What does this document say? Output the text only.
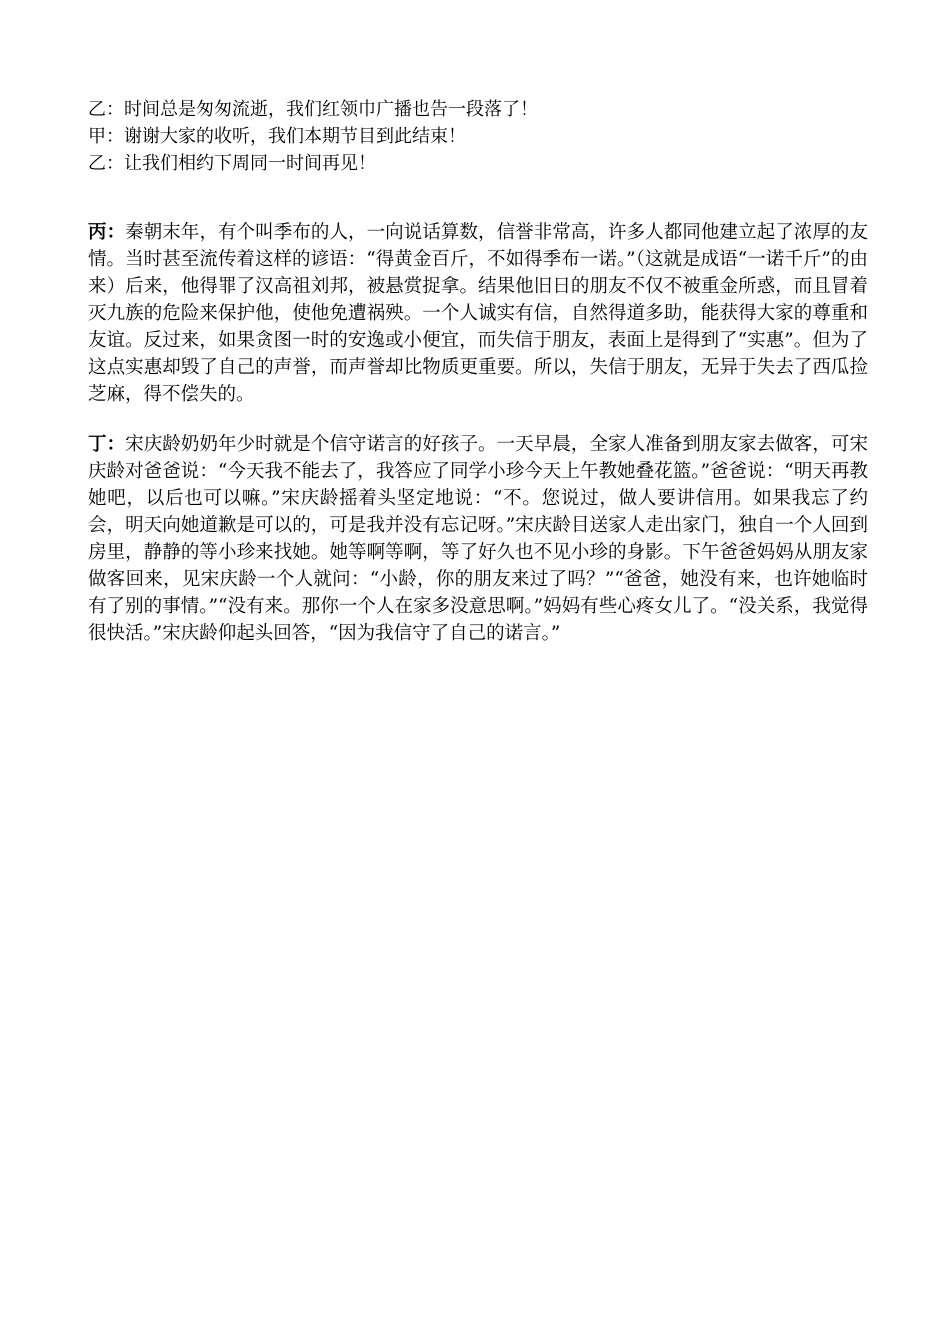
乙：时间总是匆匆流逝，我们红领巾广播也告一段落了！
甲：谢谢大家的收听，我们本期节目到此结束！
乙：让我们相约下周同一时间再见！

丙：秦朝末年，有个叫季布的人，一向说话算数，信誉非常高，许多人都同他建立起了浓厚的友情。当时甚至流传着这样的谚语：“得黄金百斤，不如得季布一诺。”（这就是成语“一诺千斤”的由来）后来，他得罪了汉高祖刘邦，被悬赏捉拿。结果他旧日的朋友不仅不被重金所惑，而且冒着灭九族的危险来保护他，使他免遭祸殃。一个人诚实有信，自然得道多助，能获得大家的尊重和友谊。反过来，如果贪图一时的安逸或小便宜，而失信于朋友，表面上是得到了“实惠”。但为了这点实惠却毁了自己的声誉，而声誉却比物质更重要。所以，失信于朋友，无异于失去了西瓜捡芝麻，得不偿失的。

丁：宋庆龄奶奶年少时就是个信守诺言的好孩子。一天早晨，全家人准备到朋友家去做客，可宋庆龄对爸爸说：“今天我不能去了，我答应了同学小珍今天上午教她叠花篮。”爸爸说：“明天再教她吧，以后也可以嘛。”宋庆龄摇着头坚定地说：“不。您说过，做人要讲信用。如果我忘了约会，明天向她道歉是可以的，可是我并没有忘记呀。”宋庆龄目送家人走出家门，独自一个人回到房里，静静的等小珍来找她。她等啊等啊，等了好久也不见小珍的身影。下午爸爸妈妈从朋友家做客回来，见宋庆龄一个人就问：“小龄，你的朋友来过了吗？”“爸爸，她没有来，也许她临时有了别的事情。”“没有来。那你一个人在家多没意思啊。”妈妈有些心疼女儿了。“没关系，我觉得很快活。”宋庆龄仰起头回答，“因为我信守了自己的诺言。”
